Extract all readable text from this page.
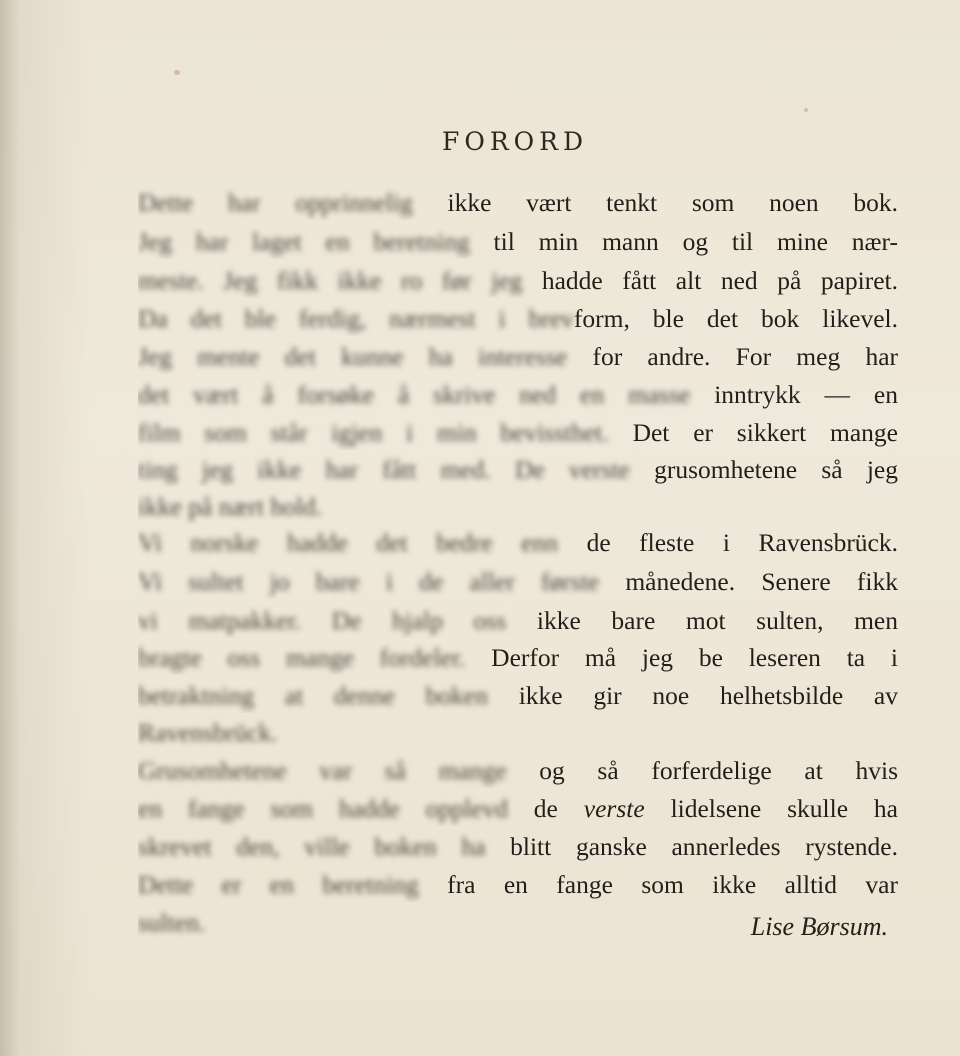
FORORD
Dette har opprinnelig ikke vært tenkt som noen bok.
Jeg har laget en beretning til min mann og til mine nær-
meste. Jeg fikk ikke ro før jeg hadde fått alt ned på papiret.
Da det ble ferdig, nærmest i brevform, ble det bok likevel.
Jeg mente det kunne ha interesse for andre. For meg har
det vært å forsøke å skrive ned en masse inntrykk — en
film som står igjen i min bevissthet. Det er sikkert mange
ting jeg ikke har fått med. De verste grusomhetene så jeg
ikke på nært hold.
Vi norske hadde det bedre enn de fleste i Ravensbrück.
Vi sultet jo bare i de aller første månedene. Senere fikk
vi matpakker. De hjalp oss ikke bare mot sulten, men
bragte oss mange fordeler. Derfor må jeg be leseren ta i
betraktning at denne boken ikke gir noe helhetsbilde av
Ravensbrück.
Grusomhetene var så mange og så forferdelige at hvis
en fange som hadde opplevd de verste lidelsene skulle ha
skrevet den, ville boken ha blitt ganske annerledes rystende.
Dette er en beretning fra en fange som ikke alltid var
sulten.	Lise Børsum.
